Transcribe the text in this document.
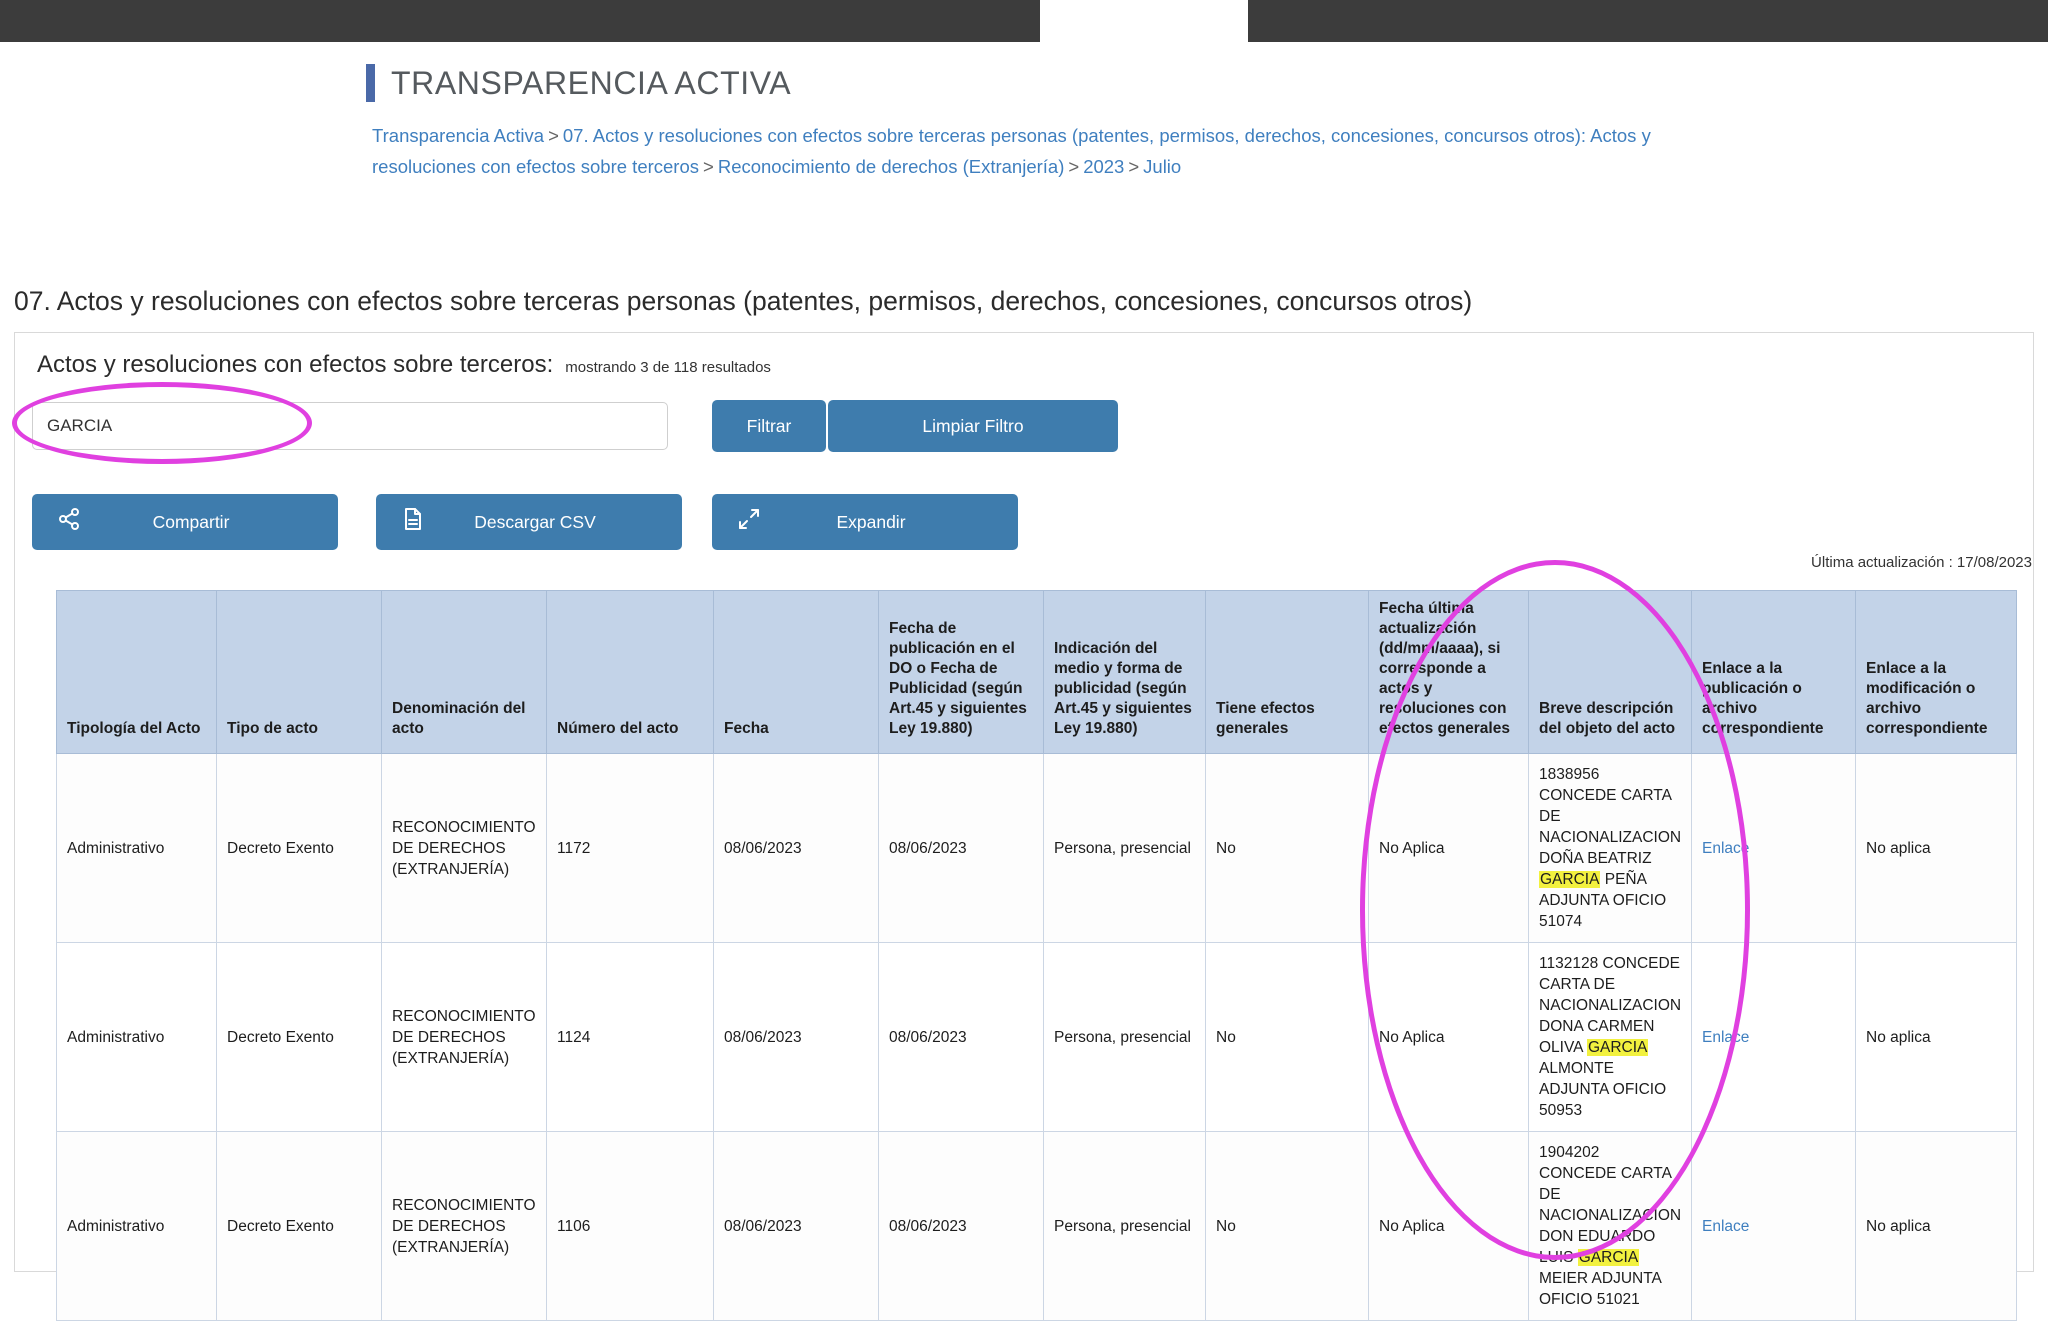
TRANSPARENCIA ACTIVA
Transparencia Activa > 07. Actos y resoluciones con efectos sobre terceras personas (patentes, permisos, derechos, concesiones, concursos otros): Actos y resoluciones con efectos sobre terceros > Reconocimiento de derechos (Extranjería) > 2023 > Julio
07. Actos y resoluciones con efectos sobre terceras personas (patentes, permisos, derechos, concesiones, concursos otros)
Actos y resoluciones con efectos sobre terceros: mostrando 3 de 118 resultados
GARCIA
Filtrar	Limpiar Filtro
Compartir	Descargar CSV	Expandir
Última actualización : 17/08/2023
Tipología del Acto	Tipo de acto	Denominación del acto	Número del acto	Fecha	Fecha de publicación en el DO o Fecha de Publicidad (según Art.45 y siguientes Ley 19.880)	Indicación del medio y forma de publicidad (según Art.45 y siguientes Ley 19.880)	Tiene efectos generales	Fecha última actualización (dd/mm/aaaa), si corresponde a actos y resoluciones con efectos generales	Breve descripción del objeto del acto	Enlace a la publicación o archivo correspondiente	Enlace a la modificación o archivo correspondiente
Administrativo	Decreto Exento	RECONOCIMIENTO DE DERECHOS (EXTRANJERÍA)	1172	08/06/2023	08/06/2023	Persona, presencial	No	No Aplica	1838956 CONCEDE CARTA DE NACIONALIZACION DOÑA BEATRIZ GARCIA PEÑA ADJUNTA OFICIO 51074	Enlace	No aplica
Administrativo	Decreto Exento	RECONOCIMIENTO DE DERECHOS (EXTRANJERÍA)	1124	08/06/2023	08/06/2023	Persona, presencial	No	No Aplica	1132128 CONCEDE CARTA DE NACIONALIZACION DONA CARMEN OLIVA GARCIA ALMONTE ADJUNTA OFICIO 50953	Enlace	No aplica
Administrativo	Decreto Exento	RECONOCIMIENTO DE DERECHOS (EXTRANJERÍA)	1106	08/06/2023	08/06/2023	Persona, presencial	No	No Aplica	1904202 CONCEDE CARTA DE NACIONALIZACION DON EDUARDO LUIS GARCIA MEIER ADJUNTA OFICIO 51021	Enlace	No aplica
